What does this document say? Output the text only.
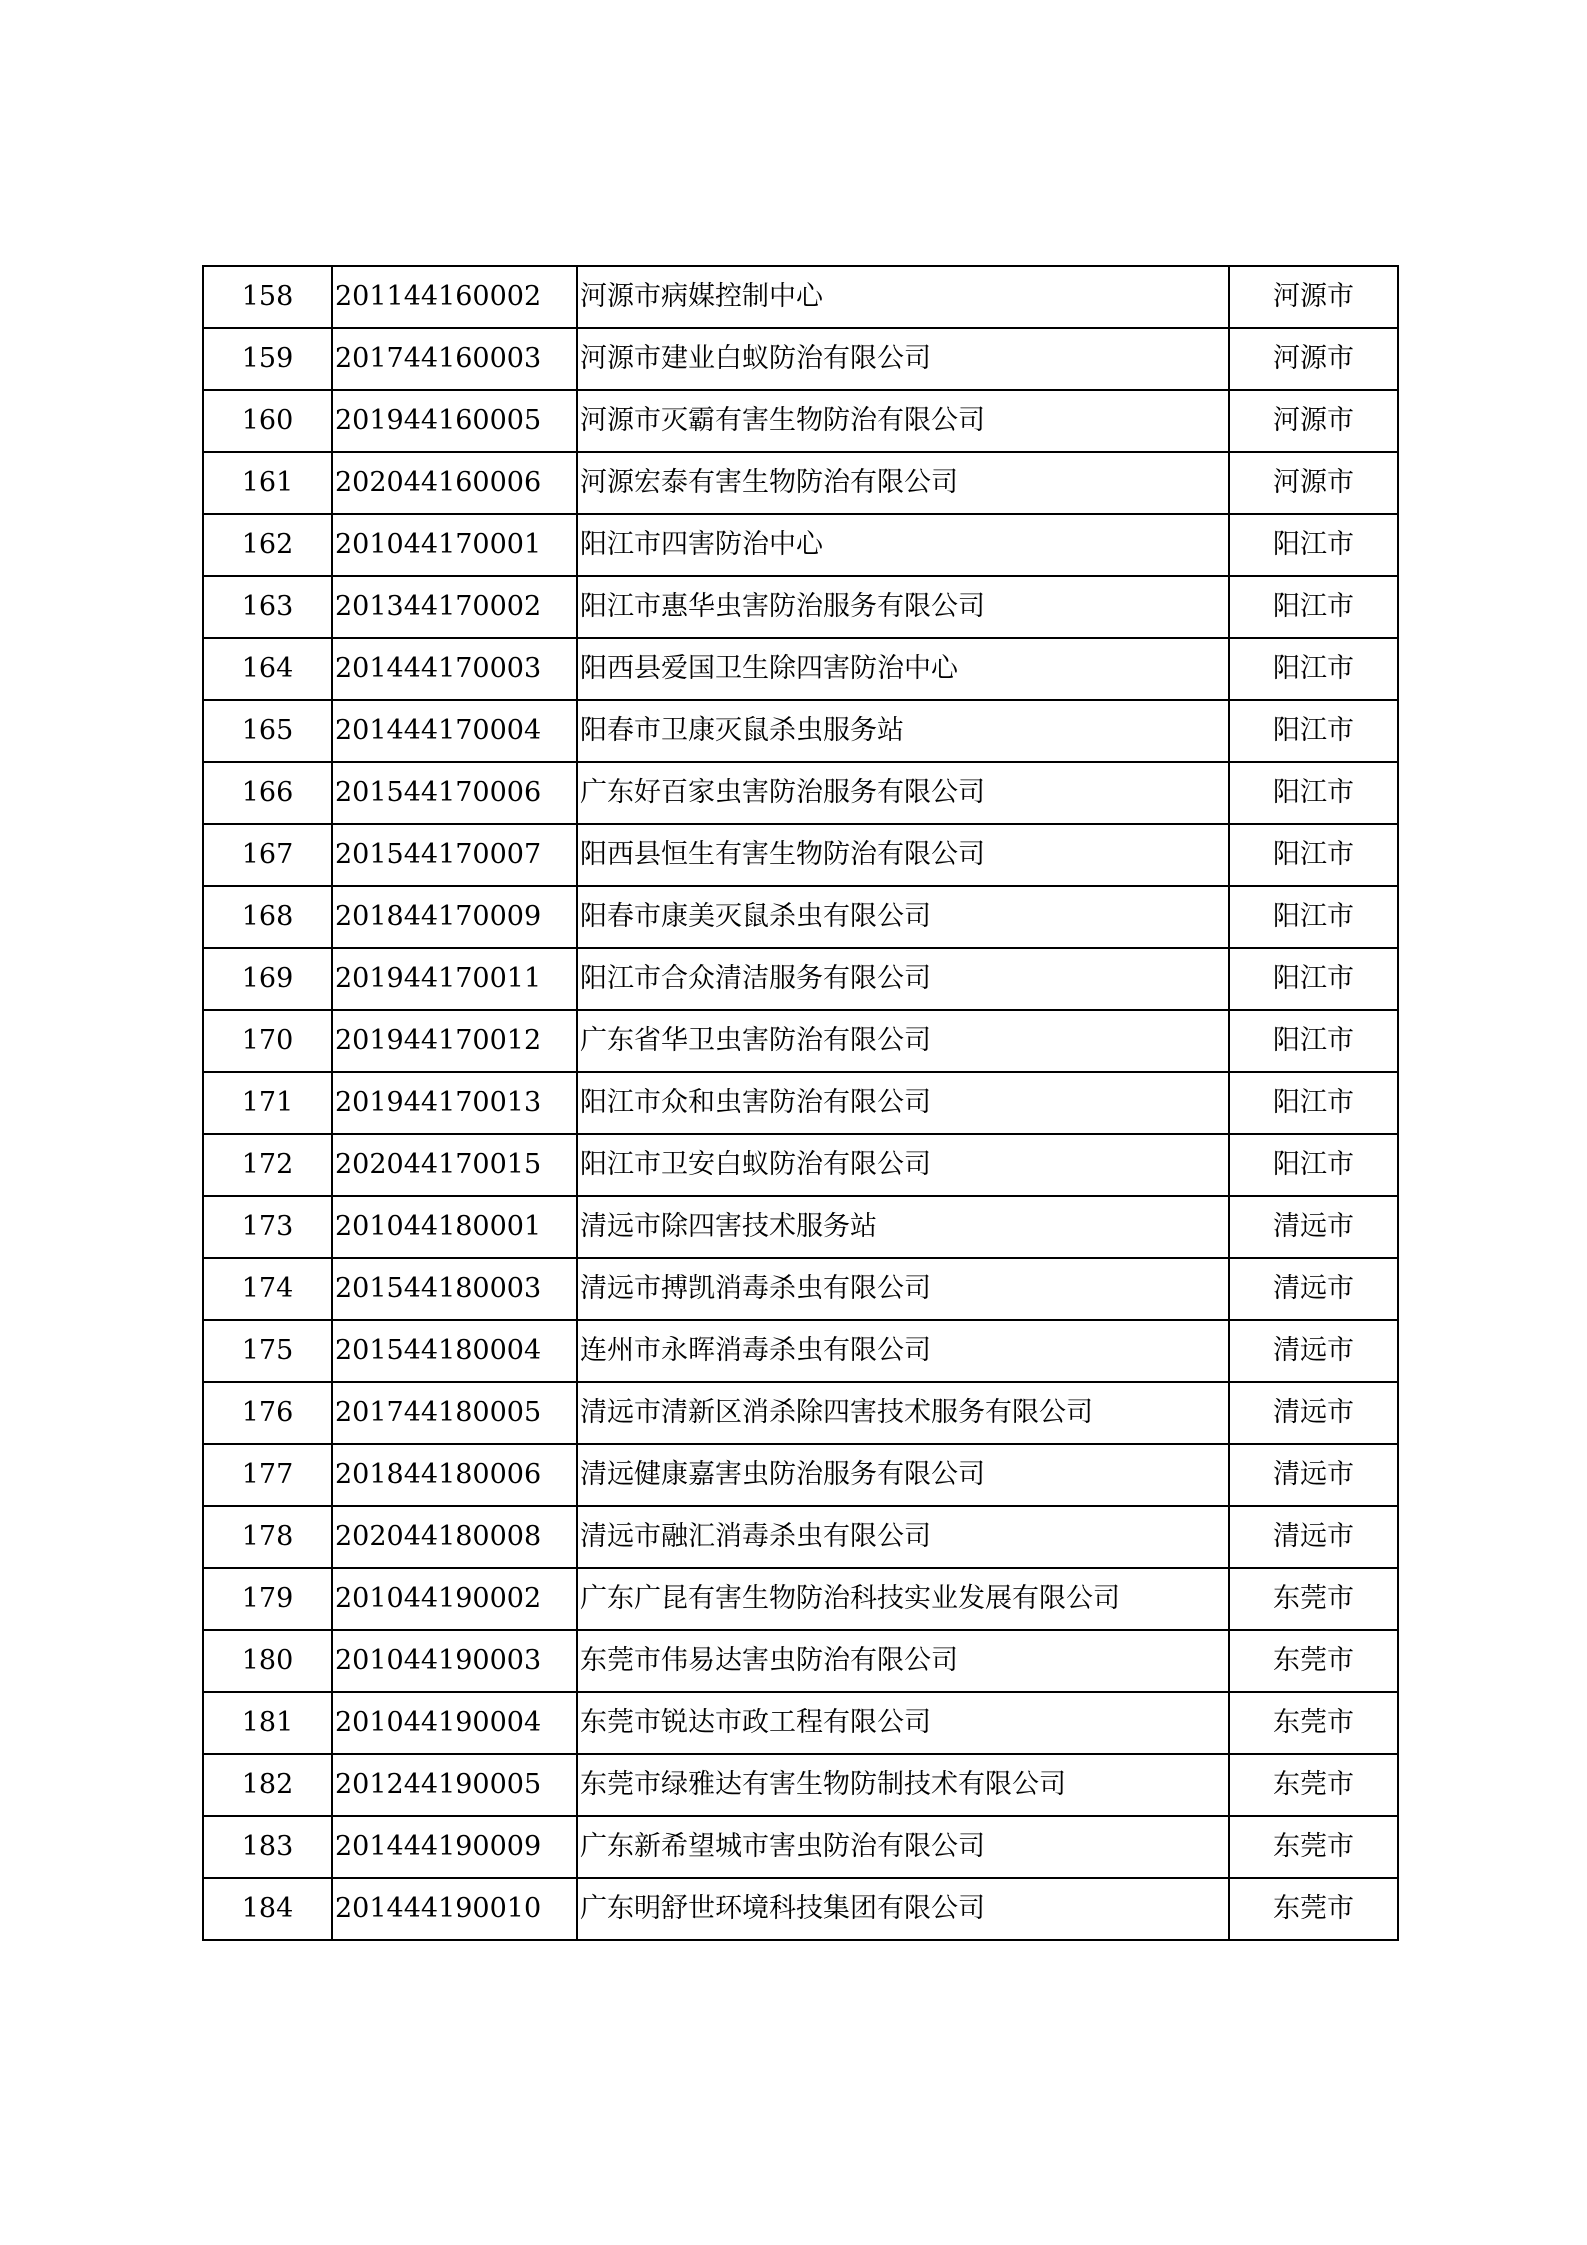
158	201144160002	河源市病媒控制中心	河源市
159	201744160003	河源市建业白蚁防治有限公司	河源市
160	201944160005	河源市灭霸有害生物防治有限公司	河源市
161	202044160006	河源宏泰有害生物防治有限公司	河源市
162	201044170001	阳江市四害防治中心	阳江市
163	201344170002	阳江市惠华虫害防治服务有限公司	阳江市
164	201444170003	阳西县爱国卫生除四害防治中心	阳江市
165	201444170004	阳春市卫康灭鼠杀虫服务站	阳江市
166	201544170006	广东好百家虫害防治服务有限公司	阳江市
167	201544170007	阳西县恒生有害生物防治有限公司	阳江市
168	201844170009	阳春市康美灭鼠杀虫有限公司	阳江市
169	201944170011	阳江市合众清洁服务有限公司	阳江市
170	201944170012	广东省华卫虫害防治有限公司	阳江市
171	201944170013	阳江市众和虫害防治有限公司	阳江市
172	202044170015	阳江市卫安白蚁防治有限公司	阳江市
173	201044180001	清远市除四害技术服务站	清远市
174	201544180003	清远市搏凯消毒杀虫有限公司	清远市
175	201544180004	连州市永晖消毒杀虫有限公司	清远市
176	201744180005	清远市清新区消杀除四害技术服务有限公司	清远市
177	201844180006	清远健康嘉害虫防治服务有限公司	清远市
178	202044180008	清远市融汇消毒杀虫有限公司	清远市
179	201044190002	广东广昆有害生物防治科技实业发展有限公司	东莞市
180	201044190003	东莞市伟易达害虫防治有限公司	东莞市
181	201044190004	东莞市锐达市政工程有限公司	东莞市
182	201244190005	东莞市绿雅达有害生物防制技术有限公司	东莞市
183	201444190009	广东新希望城市害虫防治有限公司	东莞市
184	201444190010	广东明舒世环境科技集团有限公司	东莞市
